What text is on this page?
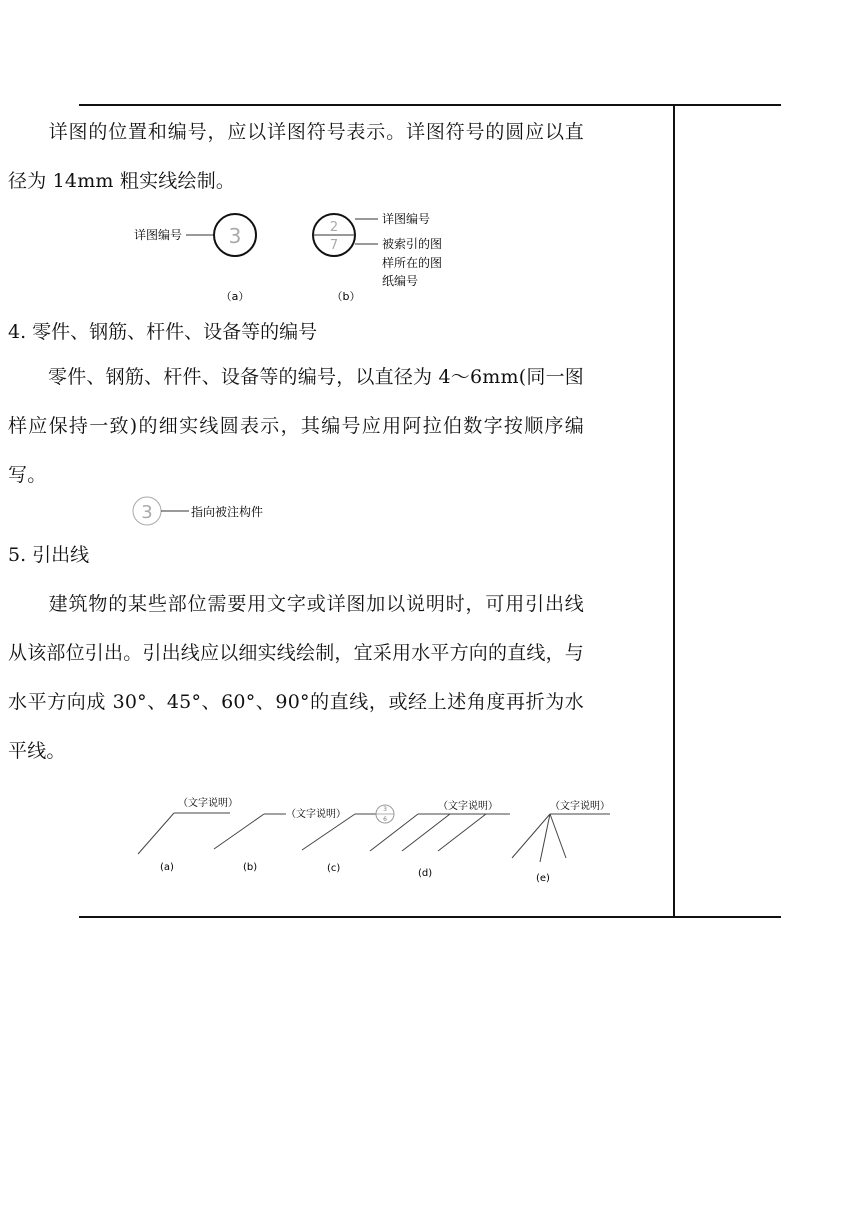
详图的位置和编号，应以详图符号表示。详图符号的圆应以直径为 14mm 粗实线绘制。

详图编号 3
（a）
2
7
详图编号
被索引的图
样所在的图
纸编号
（b）

4. 零件、钢筋、杆件、设备等的编号

零件、钢筋、杆件、设备等的编号，以直径为 4～6mm(同一图样应保持一致)的细实线圆表示，其编号应用阿拉伯数字按顺序编写。

3	指向被注构件

5. 引出线

建筑物的某些部位需要用文字或详图加以说明时，可用引出线从该部位引出。引出线应以细实线绘制，宜采用水平方向的直线，与水平方向成 30°、45°、60°、90°的直线，或经上述角度再折为水平线。

（文字说明）
(a)
（文字说明）
(b)
3
6
(c)
（文字说明）
(d)
（文字说明）
(e)
